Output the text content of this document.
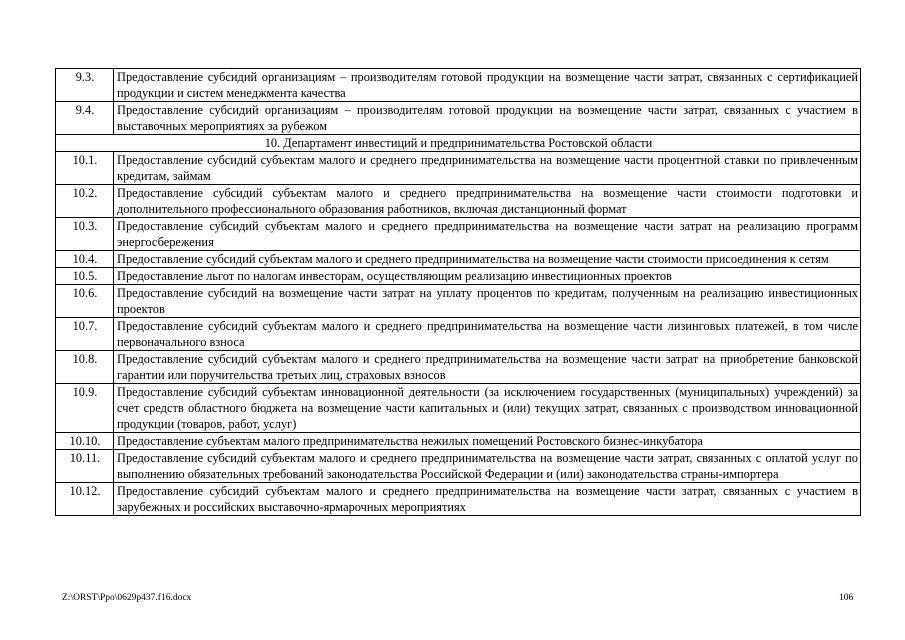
9.3.	Предоставление субсидий организациям – производителям готовой продукции на возмещение части затрат, связанных с сертификацией продукции и систем менеджмента качества
9.4.	Предоставление субсидий организациям – производителям готовой продукции на возмещение части затрат, связанных с участием в выставочных мероприятиях за рубежом
10. Департамент инвестиций и предпринимательства Ростовской области	
10.1.	Предоставление субсидий субъектам малого и среднего предпринимательства на возмещение части процентной ставки по привлеченным кредитам, займам
10.2.	Предоставление субсидий субъектам малого и среднего предпринимательства на возмещение части стоимости подготовки и дополнительного профессионального образования работников, включая дистанционный формат
10.3.	Предоставление субсидий субъектам малого и среднего предпринимательства на возмещение части затрат на реализацию программ энергосбережения
10.4.	Предоставление субсидий субъектам малого и среднего предпринимательства на возмещение части стоимости присоединения к сетям
10.5.	Предоставление льгот по налогам инвесторам, осуществляющим реализацию инвестиционных проектов
10.6.	Предоставление субсидий на возмещение части затрат на уплату процентов по кредитам, полученным на реализацию инвестиционных проектов
10.7.	Предоставление субсидий субъектам малого и среднего предпринимательства на возмещение части лизинговых платежей, в том числе первоначального взноса
10.8.	Предоставление субсидий субъектам малого и среднего предпринимательства на возмещение части затрат на приобретение банковской гарантии или поручительства третьих лиц, страховых взносов
10.9.	Предоставление субсидий субъектам инновационной деятельности (за исключением государственных (муниципальных) учреждений) за счет средств областного бюджета на возмещение части капитальных и (или) текущих затрат, связанных с производством инновационной продукции (товаров, работ, услуг)
10.10.	Предоставление субъектам малого предпринимательства нежилых помещений Ростовского бизнес-инкубатора
10.11.	Предоставление субсидий субъектам малого и среднего предпринимательства на возмещение части затрат, связанных с оплатой услуг по выполнению обязательных требований законодательства Российской Федерации и (или) законодательства страны-импортера
10.12.	Предоставление субсидий субъектам малого и среднего предпринимательства на возмещение части затрат, связанных с участием в зарубежных и российских выставочно-ярмарочных мероприятиях
Z:\ORST\Ppo\0629p437.f16.docx	106
